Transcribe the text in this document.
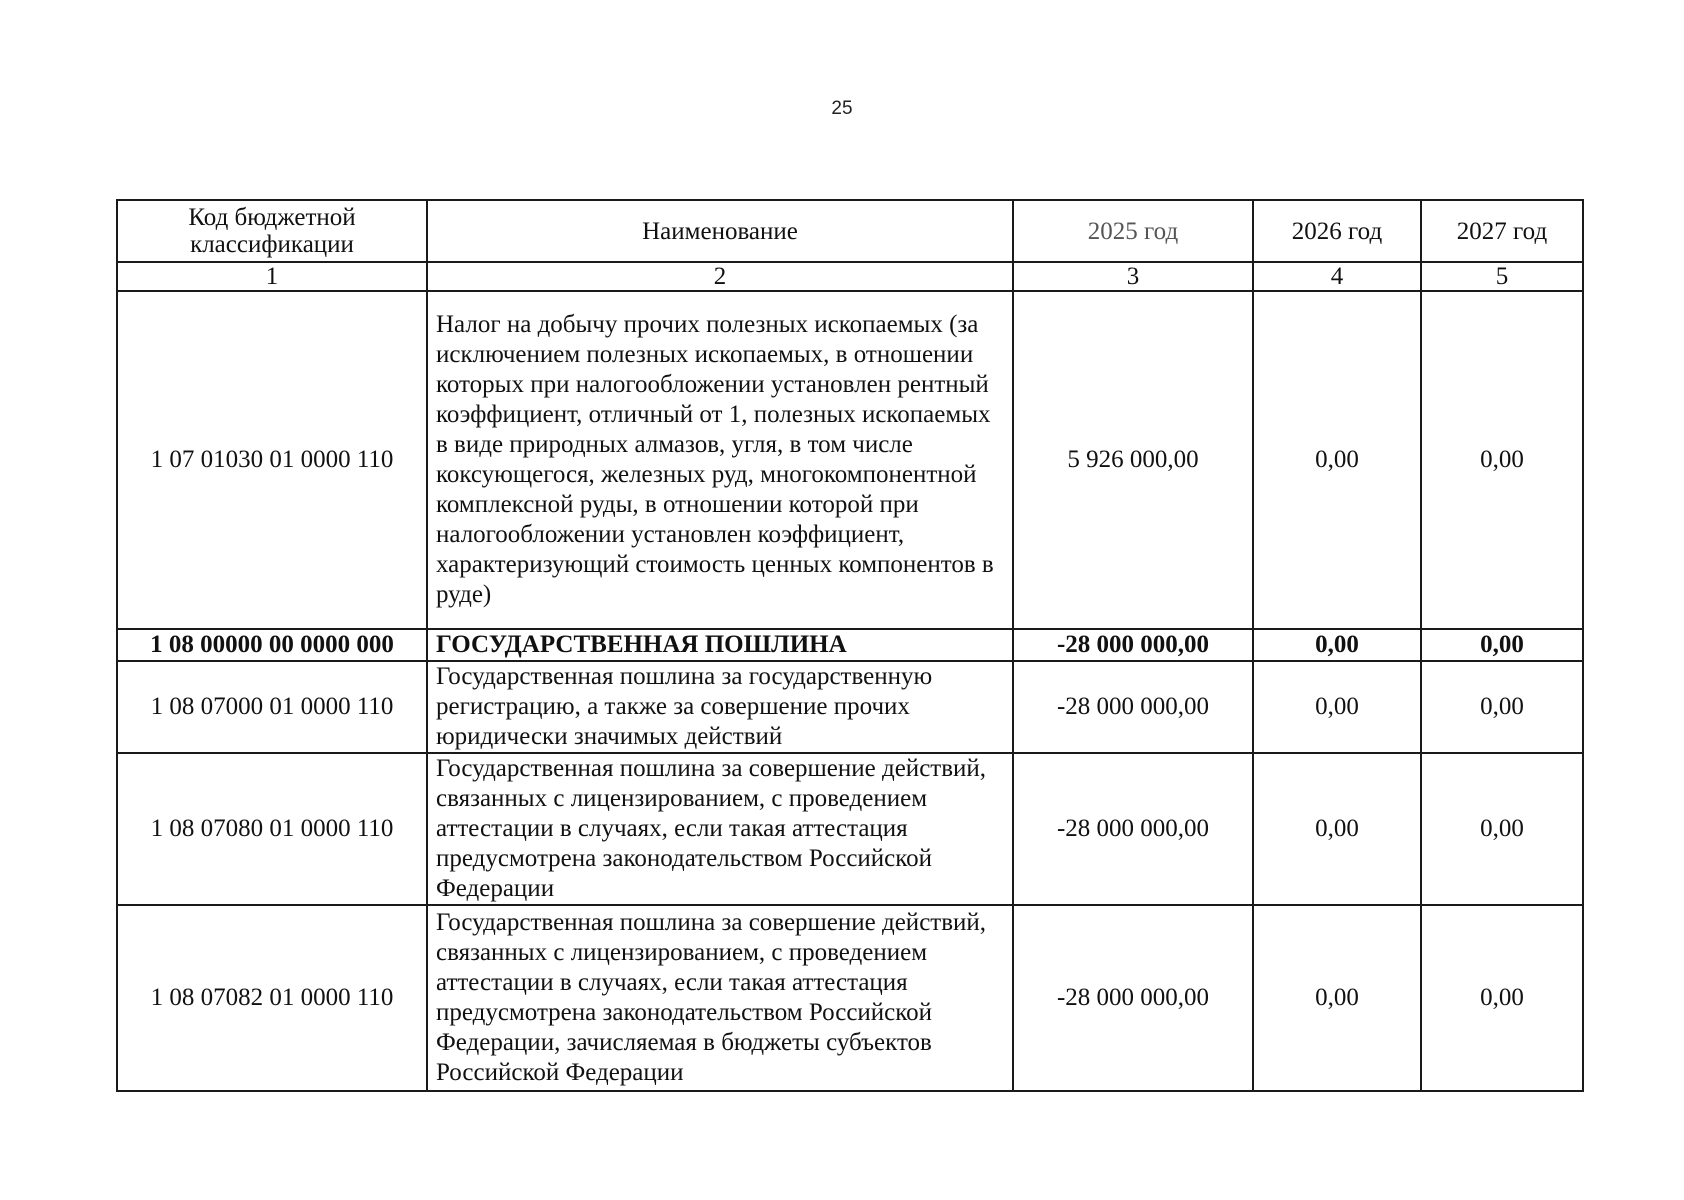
25
Код бюджетной классификации	Наименование	2025 год	2026 год	2027 год
1	2	3	4	5
1 07 01030 01 0000 110	Налог на добычу прочих полезных ископаемых (за исключением полезных ископаемых, в отношении которых при налогообложении установлен рентный коэффициент, отличный от 1, полезных ископаемых в виде природных алмазов, угля, в том числе коксующегося, железных руд, многокомпонентной комплексной руды, в отношении которой при налогообложении установлен коэффициент, характеризующий стоимость ценных компонентов в руде)	5 926 000,00	0,00	0,00
1 08 00000 00 0000 000	ГОСУДАРСТВЕННАЯ ПОШЛИНА	-28 000 000,00	0,00	0,00
1 08 07000 01 0000 110	Государственная пошлина за государственную регистрацию, а также за совершение прочих юридически значимых действий	-28 000 000,00	0,00	0,00
1 08 07080 01 0000 110	Государственная пошлина за совершение действий, связанных с лицензированием, с проведением аттестации в случаях, если такая аттестация предусмотрена законодательством Российской Федерации	-28 000 000,00	0,00	0,00
1 08 07082 01 0000 110	Государственная пошлина за совершение действий, связанных с лицензированием, с проведением аттестации в случаях, если такая аттестация предусмотрена законодательством Российской Федерации, зачисляемая в бюджеты субъектов Российской Федерации	-28 000 000,00	0,00	0,00
